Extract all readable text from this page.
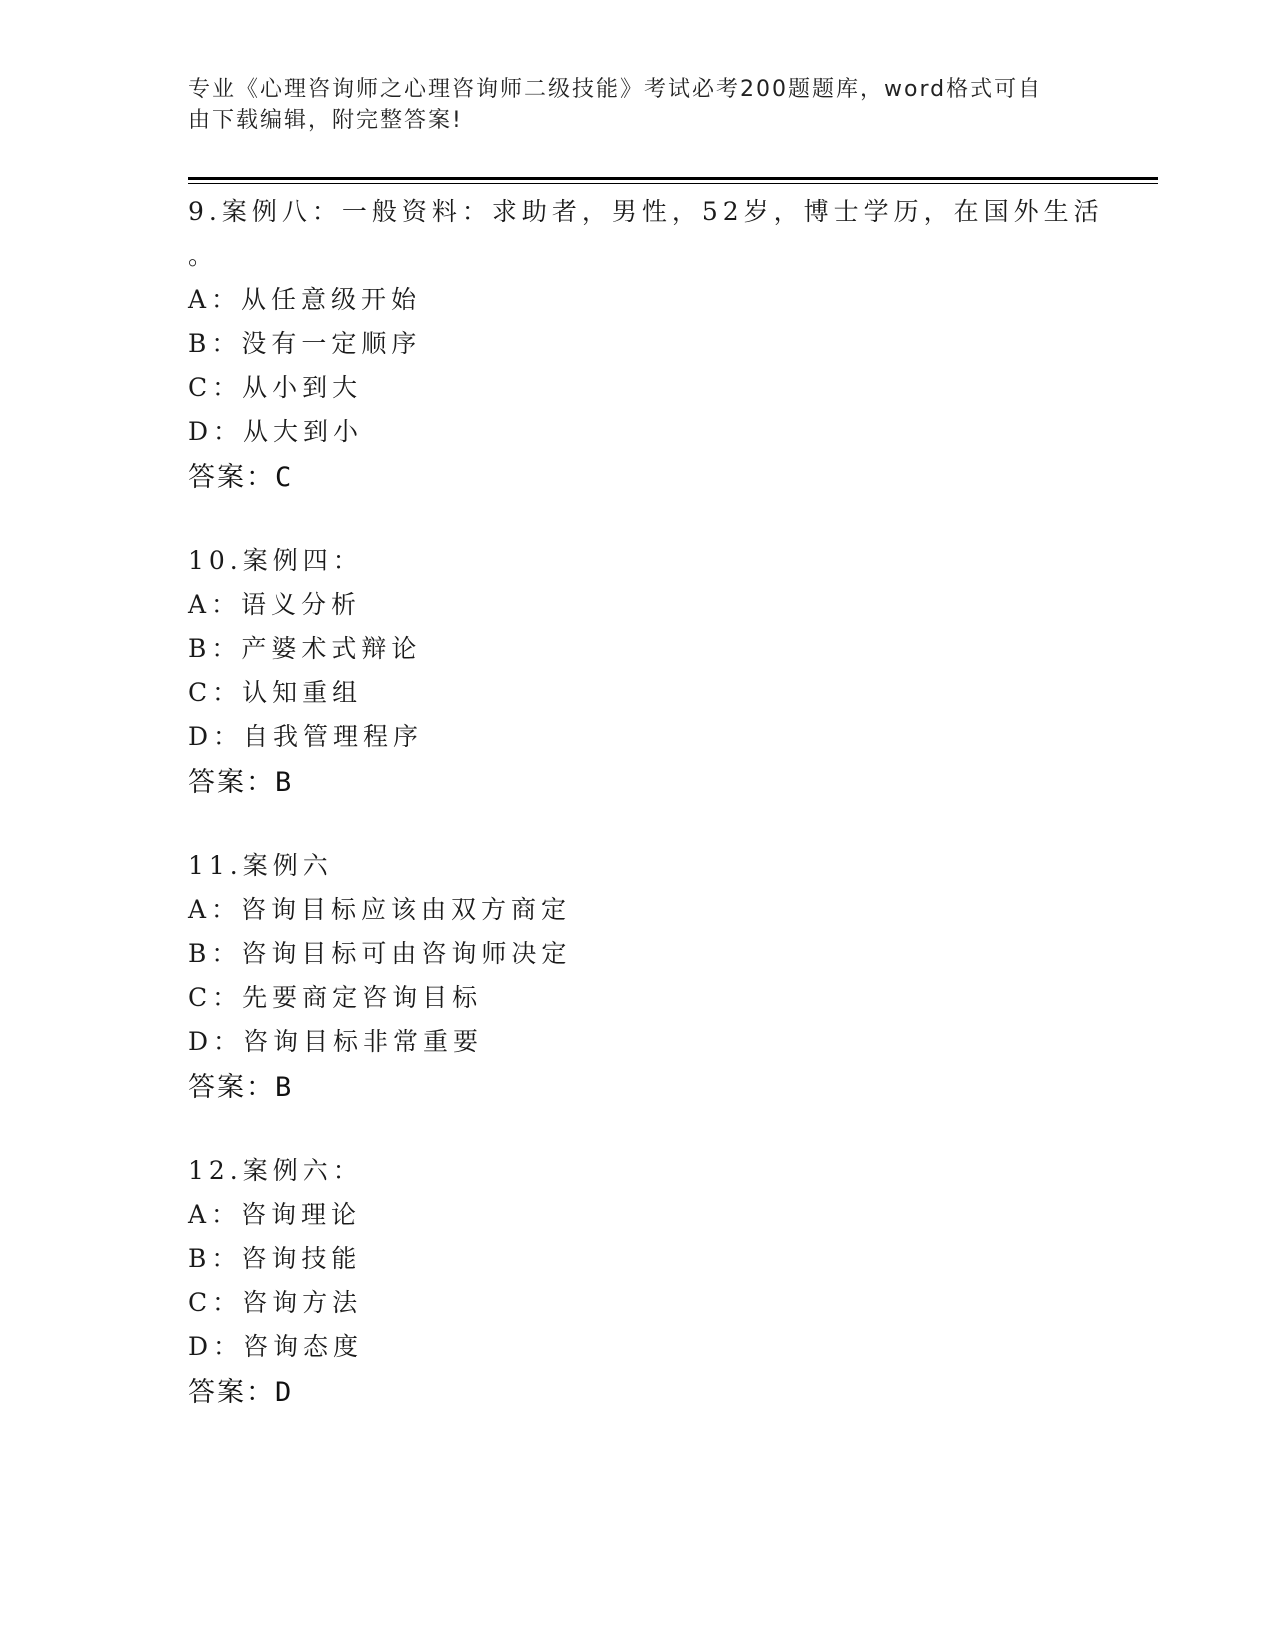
专业《心理咨询师之心理咨询师二级技能》考试必考200题题库，word格式可自
由下载编辑，附完整答案!
9.案例八：一般资料：求助者，男性，52岁，博士学历，在国外生活
。
A：从任意级开始
B：没有一定顺序
C：从小到大
D：从大到小
答案：C
10.案例四：
A：语义分析
B：产婆术式辩论
C：认知重组
D：自我管理程序
答案：B
11.案例六
A：咨询目标应该由双方商定
B：咨询目标可由咨询师决定
C：先要商定咨询目标
D：咨询目标非常重要
答案：B
12.案例六：
A：咨询理论
B：咨询技能
C：咨询方法
D：咨询态度
答案：D
